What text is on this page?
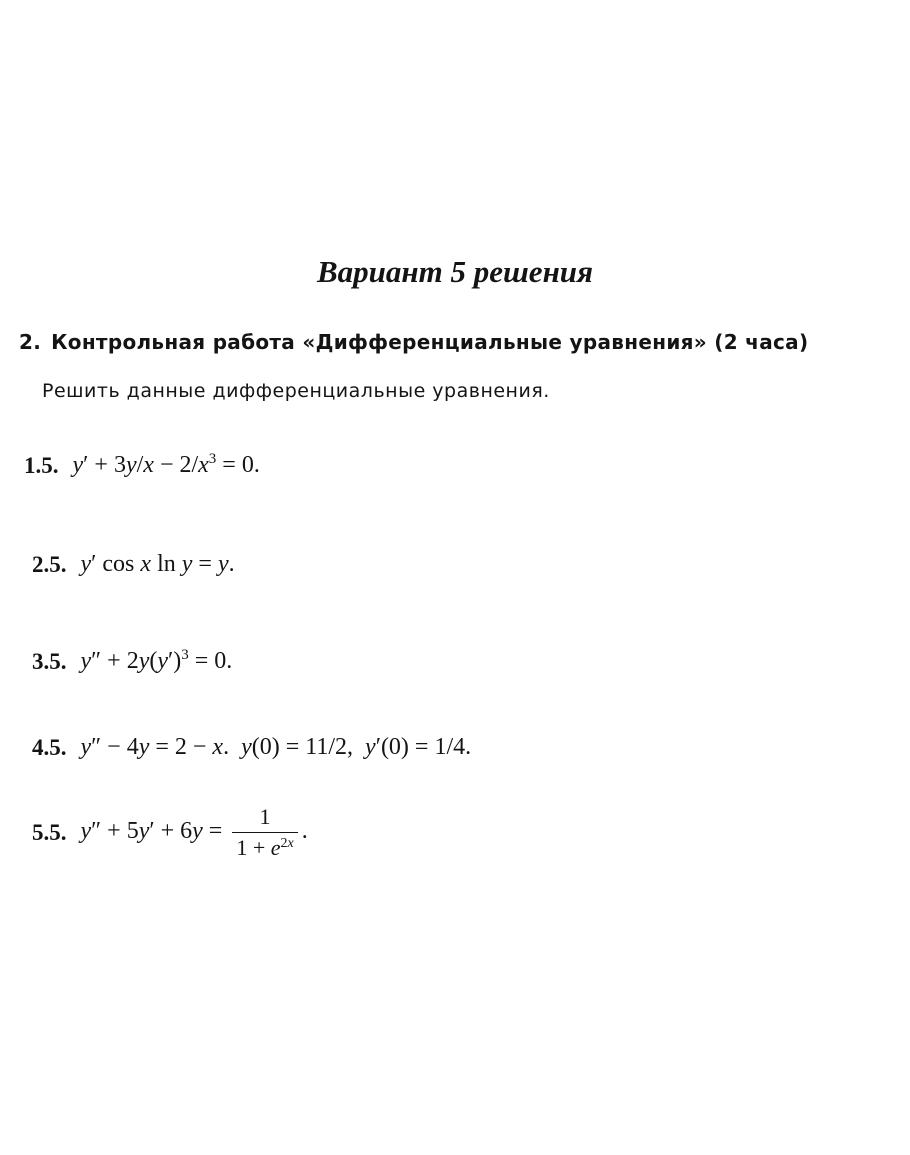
Вариант 5 решения
2. Контрольная работа «Дифференциальные уравнения» (2 часа)
Решить данные дифференциальные уравнения.
1.5. $y' + 3y/x - 2/x^3 = 0$.
2.5. y′ cos x ln y = y.
3.5. $y'' + 2y(y')^3 = 0$.
4.5. y″ − 4y = 2 − x.  y(0) = 11/2,  y′(0) = 1/4.
5.5. $y'' + 5y' + 6y = \frac{1}{1 + e^{2x}}$ .
